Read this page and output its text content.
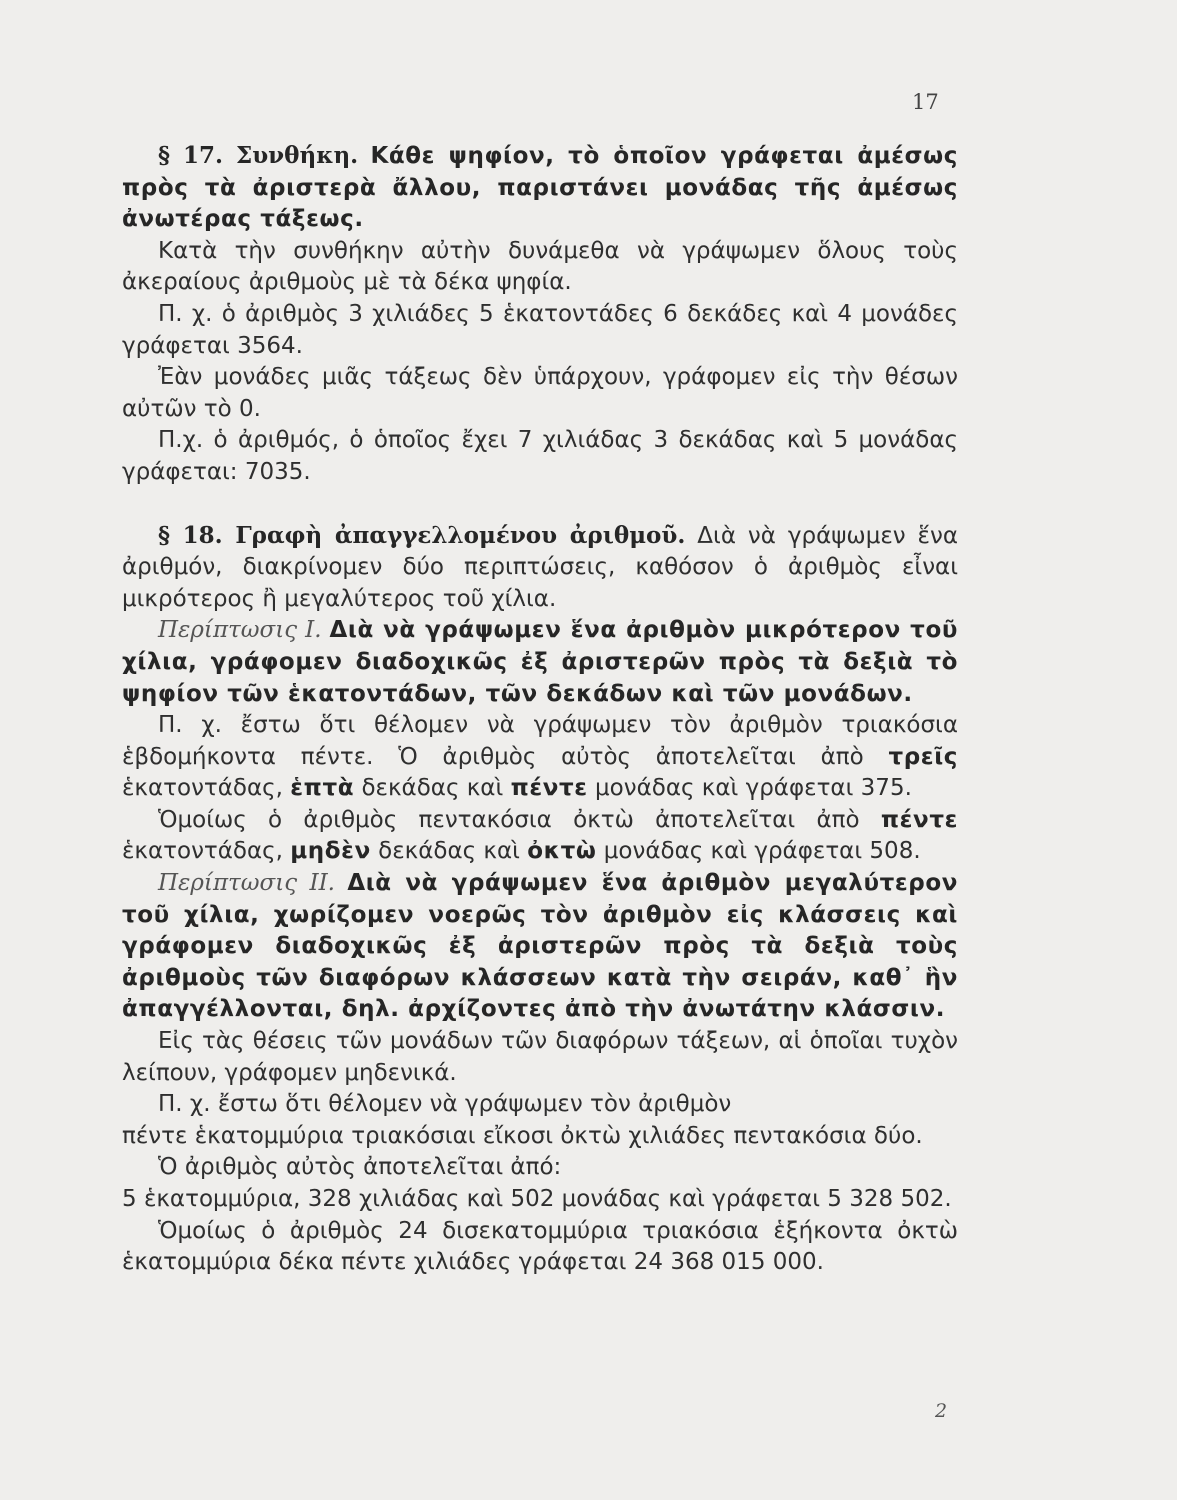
17

§ 17. Συνθήκη. Κάθε ψηφίον, τὸ ὁποῖον γράφεται ἀμέσως πρὸς τὰ ἀριστερὰ ἄλλου, παριστάνει μονάδας τῆς ἀμέσως ἀνωτέρας τάξεως.

Κατὰ τὴν συνθήκην αὐτὴν δυνάμεθα νὰ γράψωμεν ὅλους τοὺς ἀκεραίους ἀριθμοὺς μὲ τὰ δέκα ψηφία.

Π. χ. ὁ ἀριθμὸς 3 χιλιάδες 5 ἑκατοντάδες 6 δεκάδες καὶ 4 μονάδες γράφεται 3564.

Ἐὰν μονάδες μιᾶς τάξεως δὲν ὑπάρχουν, γράφομεν εἰς τὴν θέσων αὐτῶν τὸ 0.

Π.χ. ὁ ἀριθμός, ὁ ὁποῖος ἔχει 7 χιλιάδας 3 δεκάδας καὶ 5 μονάδας γράφεται: 7035.

§ 18. Γραφὴ ἀπαγγελλομένου ἀριθμοῦ. Διὰ νὰ γράψωμεν ἕνα ἀριθμόν, διακρίνομεν δύο περιπτώσεις, καθόσον ὁ ἀριθμὸς εἶναι μικρότερος ἢ μεγαλύτερος τοῦ χίλια.

Περίπτωσις Ι. Διὰ νὰ γράψωμεν ἕνα ἀριθμὸν μικρότερον τοῦ χίλια, γράφομεν διαδοχικῶς ἐξ ἀριστερῶν πρὸς τὰ δεξιὰ τὸ ψηφίον τῶν ἑκατοντάδων, τῶν δεκάδων καὶ τῶν μονάδων.

Π. χ. ἔστω ὅτι θέλομεν νὰ γράψωμεν τὸν ἀριθμὸν τριακόσια ἑβδομήκοντα πέντε. Ὁ ἀριθμὸς αὐτὸς ἀποτελεῖται ἀπὸ τρεῖς ἑκατοντάδας, ἑπτὰ δεκάδας καὶ πέντε μονάδας καὶ γράφεται 375.

Ὁμοίως ὁ ἀριθμὸς πεντακόσια ὀκτὼ ἀποτελεῖται ἀπὸ πέντε ἑκατοντάδας, μηδὲν δεκάδας καὶ ὀκτὼ μονάδας καὶ γράφεται 508.

Περίπτωσις ΙΙ. Διὰ νὰ γράψωμεν ἕνα ἀριθμὸν μεγαλύτερον τοῦ χίλια, χωρίζομεν νοερῶς τὸν ἀριθμὸν εἰς κλάσσεις καὶ γράφομεν διαδοχικῶς ἐξ ἀριστερῶν πρὸς τὰ δεξιὰ τοὺς ἀριθμοὺς τῶν διαφόρων κλάσσεων κατὰ τὴν σειράν, καθ᾽ ἣν ἀπαγγέλλονται, δηλ. ἀρχίζοντες ἀπὸ τὴν ἀνωτάτην κλάσσιν.

Εἰς τὰς θέσεις τῶν μονάδων τῶν διαφόρων τάξεων, αἱ ὁποῖαι τυχὸν λείπουν, γράφομεν μηδενικά.

Π. χ. ἔστω ὅτι θέλομεν νὰ γράψωμεν τὸν ἀριθμὸν

πέντε ἑκατομμύρια τριακόσιαι εἴκοσι ὀκτὼ χιλιάδες πεντακόσια δύο.

Ὁ ἀριθμὸς αὐτὸς ἀποτελεῖται ἀπό:

5 ἑκατομμύρια, 328 χιλιάδας καὶ 502 μονάδας καὶ γράφεται 5 328 502.

Ὁμοίως ὁ ἀριθμὸς 24 δισεκατομμύρια τριακόσια ἑξήκοντα ὀκτὼ ἑκατομμύρια δέκα πέντε χιλιάδες γράφεται 24 368 015 000.

2
